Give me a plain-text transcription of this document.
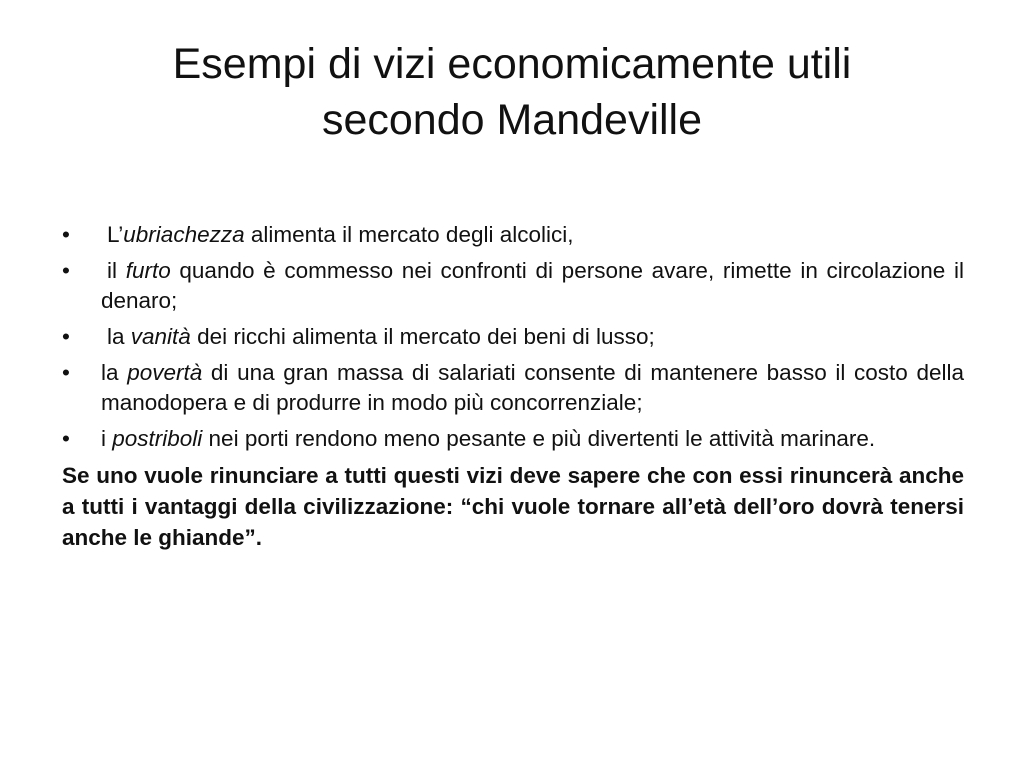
Esempi di vizi economicamente utili
secondo Mandeville
•	L’ubriachezza alimenta il mercato degli alcolici,
•	il furto quando è commesso nei confronti di persone avare, rimette in circolazione il denaro;
•	la vanità dei ricchi alimenta il mercato dei beni di lusso;
•	la povertà di una gran massa di salariati consente di mantenere basso il costo della manodopera e di produrre in modo più concorrenziale;
•	i postriboli nei porti rendono meno pesante e più divertenti le attività marinare.

Se uno vuole rinunciare a tutti questi vizi deve sapere che con essi rinuncerà anche a tutti i vantaggi della civilizzazione: “chi vuole tornare all’età dell’oro dovrà tenersi anche le ghiande”.
